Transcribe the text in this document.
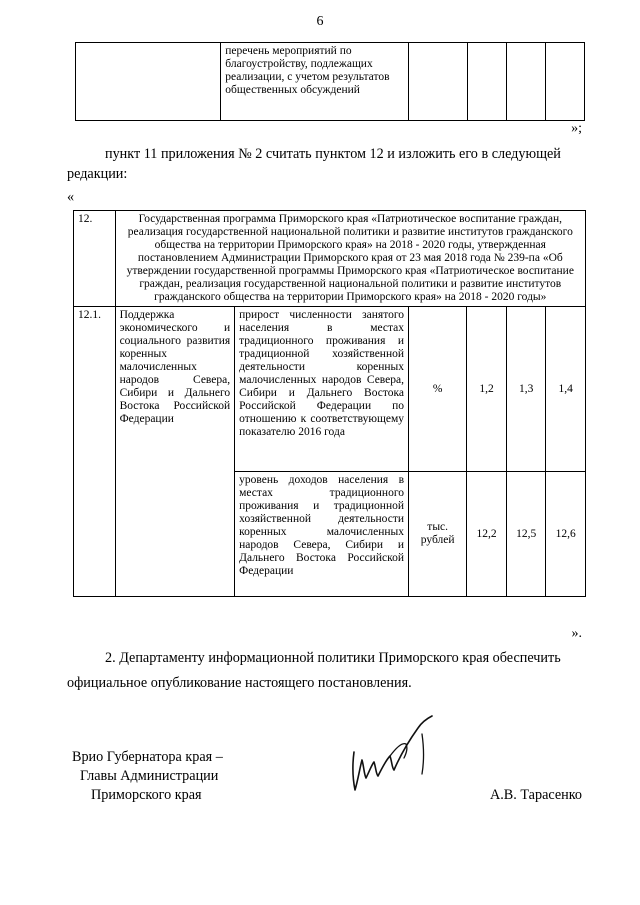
6
	перечень мероприятий по благоустройству, подлежащих реализации, с учетом результатов общественных обсуждений				
»;
пункт 11 приложения № 2 считать пунктом 12 и изложить его в следующей
редакции:
«
12.	Государственная программа Приморского края «Патриотическое воспитание граждан, реализация государственной национальной политики и развитие институтов гражданского общества на территории Приморского края» на 2018 - 2020 годы, утвержденная постановлением Администрации Приморского края от 23 мая 2018 года № 239-па «Об утверждении государственной программы Приморского края «Патриотическое воспитание граждан, реализация государственной национальной политики и развитие институтов гражданского общества на территории Приморского края» на 2018 - 2020 годы»					
12.1.	Поддержка экономического и социального развития коренных малочисленных народов Севера, Сибири и Дальнего Востока Российской Федерации	прирост численности занятого населения в местах традиционного проживания и традиционной хозяйственной деятельности коренных малочисленных народов Севера, Сибири и Дальнего Востока Российской Федерации по отношению к соответствующему показателю 2016 года	%	1,2	1,3	1,4
		уровень доходов населения в местах традиционного проживания и традиционной хозяйственной деятельности коренных малочисленных народов Севера, Сибири и Дальнего Востока Российской Федерации	тыс. рублей	12,2	12,5	12,6
».
2. Департаменту информационной политики Приморского края обеспечить
официальное опубликование настоящего постановления.
Врио Губернатора края –
Главы Администрации
Приморского края	А.В. Тарасенко
